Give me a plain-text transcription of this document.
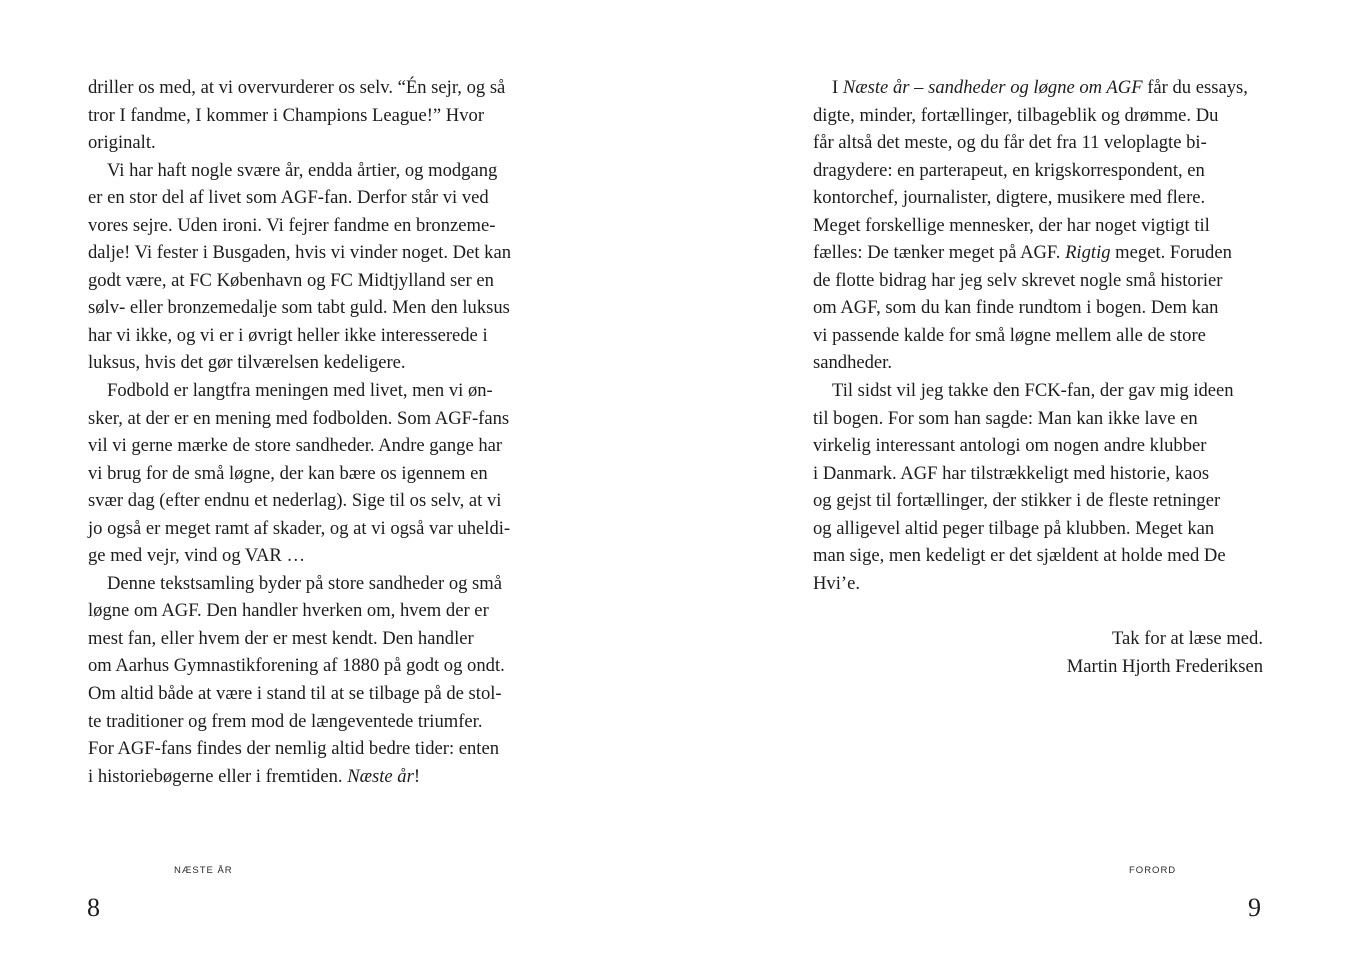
driller os med, at vi overvurderer os selv. “Én sejr, og så
tror I fandme, I kommer i Champions League!” Hvor
originalt.
Vi har haft nogle svære år, endda årtier, og modgang
er en stor del af livet som AGF-fan. Derfor står vi ved
vores sejre. Uden ironi. Vi fejrer fandme en bronzeme-
dalje! Vi fester i Busgaden, hvis vi vinder noget. Det kan
godt være, at FC København og FC Midtjylland ser en
sølv- eller bronzemedalje som tabt guld. Men den luksus
har vi ikke, og vi er i øvrigt heller ikke interesserede i
luksus, hvis det gør tilværelsen kedeligere.
Fodbold er langtfra meningen med livet, men vi øn-
sker, at der er en mening med fodbolden. Som AGF-fans
vil vi gerne mærke de store sandheder. Andre gange har
vi brug for de små løgne, der kan bære os igennem en
svær dag (efter endnu et nederlag). Sige til os selv, at vi
jo også er meget ramt af skader, og at vi også var uheldi-
ge med vejr, vind og VAR …
Denne tekstsamling byder på store sandheder og små
løgne om AGF. Den handler hverken om, hvem der er
mest fan, eller hvem der er mest kendt. Den handler
om Aarhus Gymnastikforening af 1880 på godt og ondt.
Om altid både at være i stand til at se tilbage på de stol-
te traditioner og frem mod de længeventede triumfer.
For AGF-fans findes der nemlig altid bedre tider: enten
i historiebøgerne eller i fremtiden. Næste år!
NÆSTE ÅR
8
I Næste år – sandheder og løgne om AGF får du essays,
digte, minder, fortællinger, tilbageblik og drømme. Du
får altså det meste, og du får det fra 11 veloplagte bi-
dragydere: en parterapeut, en krigskorrespondent, en
kontorchef, journalister, digtere, musikere med flere.
Meget forskellige mennesker, der har noget vigtigt til
fælles: De tænker meget på AGF. Rigtig meget. Foruden
de flotte bidrag har jeg selv skrevet nogle små historier
om AGF, som du kan finde rundtom i bogen. Dem kan
vi passende kalde for små løgne mellem alle de store
sandheder.
Til sidst vil jeg takke den FCK-fan, der gav mig ideen
til bogen. For som han sagde: Man kan ikke lave en
virkelig interessant antologi om nogen andre klubber
i Danmark. AGF har tilstrækkeligt med historie, kaos
og gejst til fortællinger, der stikker i de fleste retninger
og alligevel altid peger tilbage på klubben. Meget kan
man sige, men kedeligt er det sjældent at holde med De
Hvi’e.
Tak for at læse med.
Martin Hjorth Frederiksen
FORORD
9
